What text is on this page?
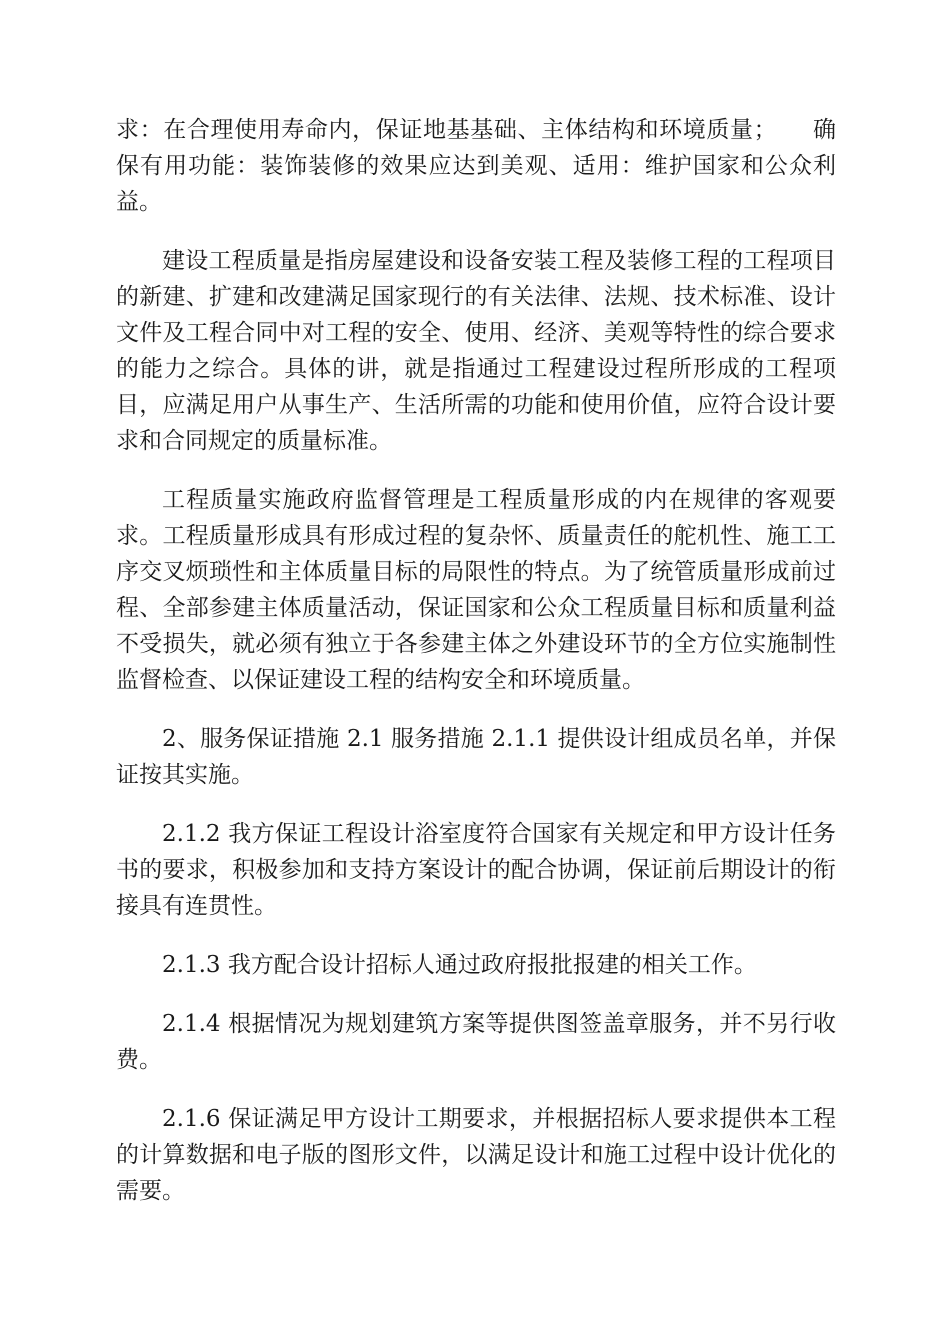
求：在合理使用寿命内，保证地基基础、主体结构和环境质量；　　确保有用功能：装饰装修的效果应达到美观、适用：维护国家和公众利益。

建设工程质量是指房屋建设和设备安装工程及装修工程的工程项目的新建、扩建和改建满足国家现行的有关法律、法规、技术标准、设计文件及工程合同中对工程的安全、使用、经济、美观等特性的综合要求的能力之综合。具体的讲，就是指通过工程建设过程所形成的工程项目，应满足用户从事生产、生活所需的功能和使用价值，应符合设计要求和合同规定的质量标准。

工程质量实施政府监督管理是工程质量形成的内在规律的客观要求。工程质量形成具有形成过程的复杂怀、质量责任的舵机性、施工工序交叉烦琐性和主体质量目标的局限性的特点。为了统管质量形成前过程、全部参建主体质量活动，保证国家和公众工程质量目标和质量利益不受损失，就必须有独立于各参建主体之外建设环节的全方位实施制性监督检查、以保证建设工程的结构安全和环境质量。

2、服务保证措施 2.1 服务措施 2.1.1 提供设计组成员名单，并保证按其实施。

2.1.2 我方保证工程设计浴室度符合国家有关规定和甲方设计任务书的要求，积极参加和支持方案设计的配合协调，保证前后期设计的衔接具有连贯性。

2.1.3 我方配合设计招标人通过政府报批报建的相关工作。

2.1.4 根据情况为规划建筑方案等提供图签盖章服务，并不另行收费。

2.1.6 保证满足甲方设计工期要求，并根据招标人要求提供本工程的计算数据和电子版的图形文件，以满足设计和施工过程中设计优化的需要。
